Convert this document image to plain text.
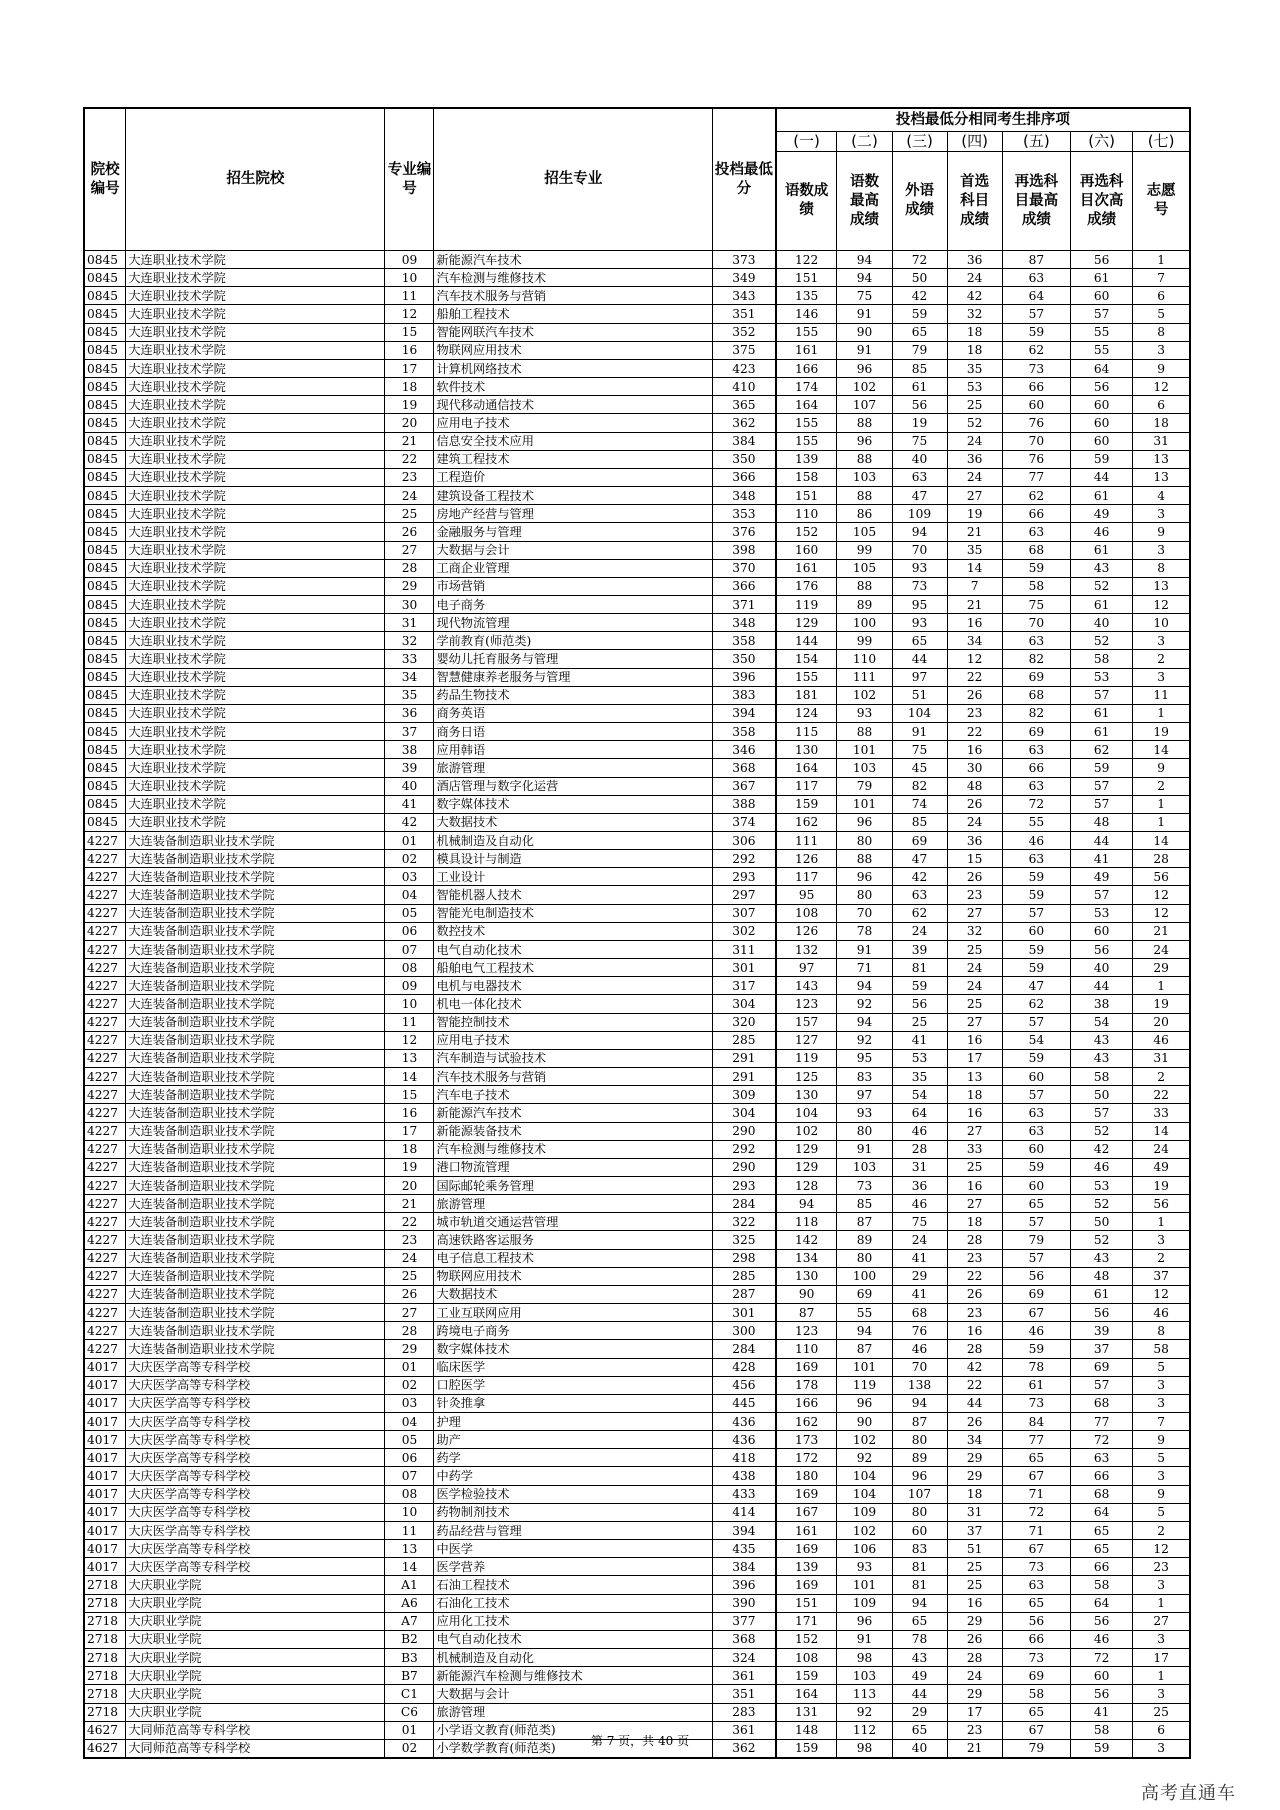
院校编号	招生院校	专业编号	招生专业	投档最低分	投档最低分相同考生排序项						
					(一)	(二)	(三)	(四)	(五)	(六)	(七)
					语数成绩	语数最高成绩	外语成绩	首选科目成绩	再选科目最高成绩	再选科目次高成绩	志愿号
0845	大连职业技术学院	09	新能源汽车技术	373	122	94	72	36	87	56	1
0845	大连职业技术学院	10	汽车检测与维修技术	349	151	94	50	24	63	61	7
0845	大连职业技术学院	11	汽车技术服务与营销	343	135	75	42	42	64	60	6
0845	大连职业技术学院	12	船舶工程技术	351	146	91	59	32	57	57	5
0845	大连职业技术学院	15	智能网联汽车技术	352	155	90	65	18	59	55	8
0845	大连职业技术学院	16	物联网应用技术	375	161	91	79	18	62	55	3
0845	大连职业技术学院	17	计算机网络技术	423	166	96	85	35	73	64	9
0845	大连职业技术学院	18	软件技术	410	174	102	61	53	66	56	12
0845	大连职业技术学院	19	现代移动通信技术	365	164	107	56	25	60	60	6
0845	大连职业技术学院	20	应用电子技术	362	155	88	19	52	76	60	18
0845	大连职业技术学院	21	信息安全技术应用	384	155	96	75	24	70	60	31
0845	大连职业技术学院	22	建筑工程技术	350	139	88	40	36	76	59	13
0845	大连职业技术学院	23	工程造价	366	158	103	63	24	77	44	13
0845	大连职业技术学院	24	建筑设备工程技术	348	151	88	47	27	62	61	4
0845	大连职业技术学院	25	房地产经营与管理	353	110	86	109	19	66	49	3
0845	大连职业技术学院	26	金融服务与管理	376	152	105	94	21	63	46	9
0845	大连职业技术学院	27	大数据与会计	398	160	99	70	35	68	61	3
0845	大连职业技术学院	28	工商企业管理	370	161	105	93	14	59	43	8
0845	大连职业技术学院	29	市场营销	366	176	88	73	7	58	52	13
0845	大连职业技术学院	30	电子商务	371	119	89	95	21	75	61	12
0845	大连职业技术学院	31	现代物流管理	348	129	100	93	16	70	40	10
0845	大连职业技术学院	32	学前教育(师范类)	358	144	99	65	34	63	52	3
0845	大连职业技术学院	33	婴幼儿托育服务与管理	350	154	110	44	12	82	58	2
0845	大连职业技术学院	34	智慧健康养老服务与管理	396	155	111	97	22	69	53	3
0845	大连职业技术学院	35	药品生物技术	383	181	102	51	26	68	57	11
0845	大连职业技术学院	36	商务英语	394	124	93	104	23	82	61	1
0845	大连职业技术学院	37	商务日语	358	115	88	91	22	69	61	19
0845	大连职业技术学院	38	应用韩语	346	130	101	75	16	63	62	14
0845	大连职业技术学院	39	旅游管理	368	164	103	45	30	66	59	9
0845	大连职业技术学院	40	酒店管理与数字化运营	367	117	79	82	48	63	57	2
0845	大连职业技术学院	41	数字媒体技术	388	159	101	74	26	72	57	1
0845	大连职业技术学院	42	大数据技术	374	162	96	85	24	55	48	1
4227	大连装备制造职业技术学院	01	机械制造及自动化	306	111	80	69	36	46	44	14
4227	大连装备制造职业技术学院	02	模具设计与制造	292	126	88	47	15	63	41	28
4227	大连装备制造职业技术学院	03	工业设计	293	117	96	42	26	59	49	56
4227	大连装备制造职业技术学院	04	智能机器人技术	297	95	80	63	23	59	57	12
4227	大连装备制造职业技术学院	05	智能光电制造技术	307	108	70	62	27	57	53	12
4227	大连装备制造职业技术学院	06	数控技术	302	126	78	24	32	60	60	21
4227	大连装备制造职业技术学院	07	电气自动化技术	311	132	91	39	25	59	56	24
4227	大连装备制造职业技术学院	08	船舶电气工程技术	301	97	71	81	24	59	40	29
4227	大连装备制造职业技术学院	09	电机与电器技术	317	143	94	59	24	47	44	1
4227	大连装备制造职业技术学院	10	机电一体化技术	304	123	92	56	25	62	38	19
4227	大连装备制造职业技术学院	11	智能控制技术	320	157	94	25	27	57	54	20
4227	大连装备制造职业技术学院	12	应用电子技术	285	127	92	41	16	54	43	46
4227	大连装备制造职业技术学院	13	汽车制造与试验技术	291	119	95	53	17	59	43	31
4227	大连装备制造职业技术学院	14	汽车技术服务与营销	291	125	83	35	13	60	58	2
4227	大连装备制造职业技术学院	15	汽车电子技术	309	130	97	54	18	57	50	22
4227	大连装备制造职业技术学院	16	新能源汽车技术	304	104	93	64	16	63	57	33
4227	大连装备制造职业技术学院	17	新能源装备技术	290	102	80	46	27	63	52	14
4227	大连装备制造职业技术学院	18	汽车检测与维修技术	292	129	91	28	33	60	42	24
4227	大连装备制造职业技术学院	19	港口物流管理	290	129	103	31	25	59	46	49
4227	大连装备制造职业技术学院	20	国际邮轮乘务管理	293	128	73	36	16	60	53	19
4227	大连装备制造职业技术学院	21	旅游管理	284	94	85	46	27	65	52	56
4227	大连装备制造职业技术学院	22	城市轨道交通运营管理	322	118	87	75	18	57	50	1
4227	大连装备制造职业技术学院	23	高速铁路客运服务	325	142	89	24	28	79	52	3
4227	大连装备制造职业技术学院	24	电子信息工程技术	298	134	80	41	23	57	43	2
4227	大连装备制造职业技术学院	25	物联网应用技术	285	130	100	29	22	56	48	37
4227	大连装备制造职业技术学院	26	大数据技术	287	90	69	41	26	69	61	12
4227	大连装备制造职业技术学院	27	工业互联网应用	301	87	55	68	23	67	56	46
4227	大连装备制造职业技术学院	28	跨境电子商务	300	123	94	76	16	46	39	8
4227	大连装备制造职业技术学院	29	数字媒体技术	284	110	87	46	28	59	37	58
4017	大庆医学高等专科学校	01	临床医学	428	169	101	70	42	78	69	5
4017	大庆医学高等专科学校	02	口腔医学	456	178	119	138	22	61	57	3
4017	大庆医学高等专科学校	03	针灸推拿	445	166	96	94	44	73	68	3
4017	大庆医学高等专科学校	04	护理	436	162	90	87	26	84	77	7
4017	大庆医学高等专科学校	05	助产	436	173	102	80	34	77	72	9
4017	大庆医学高等专科学校	06	药学	418	172	92	89	29	65	63	5
4017	大庆医学高等专科学校	07	中药学	438	180	104	96	29	67	66	3
4017	大庆医学高等专科学校	08	医学检验技术	433	169	104	107	18	71	68	9
4017	大庆医学高等专科学校	10	药物制剂技术	414	167	109	80	31	72	64	5
4017	大庆医学高等专科学校	11	药品经营与管理	394	161	102	60	37	71	65	2
4017	大庆医学高等专科学校	13	中医学	435	169	106	83	51	67	65	12
4017	大庆医学高等专科学校	14	医学营养	384	139	93	81	25	73	66	23
2718	大庆职业学院	A1	石油工程技术	396	169	101	81	25	63	58	3
2718	大庆职业学院	A6	石油化工技术	390	151	109	94	16	65	64	1
2718	大庆职业学院	A7	应用化工技术	377	171	96	65	29	56	56	27
2718	大庆职业学院	B2	电气自动化技术	368	152	91	78	26	66	46	3
2718	大庆职业学院	B3	机械制造及自动化	324	108	98	43	28	73	72	17
2718	大庆职业学院	B7	新能源汽车检测与维修技术	361	159	103	49	24	69	60	1
2718	大庆职业学院	C1	大数据与会计	351	164	113	44	29	58	56	3
2718	大庆职业学院	C6	旅游管理	283	131	92	29	17	65	41	25
4627	大同师范高等专科学校	01	小学语文教育(师范类)	361	148	112	65	23	67	58	6
4627	大同师范高等专科学校	02	小学数学教育(师范类)	362	159	98	40	21	79	59	3
第 7 页，共 40 页
高考直通车
